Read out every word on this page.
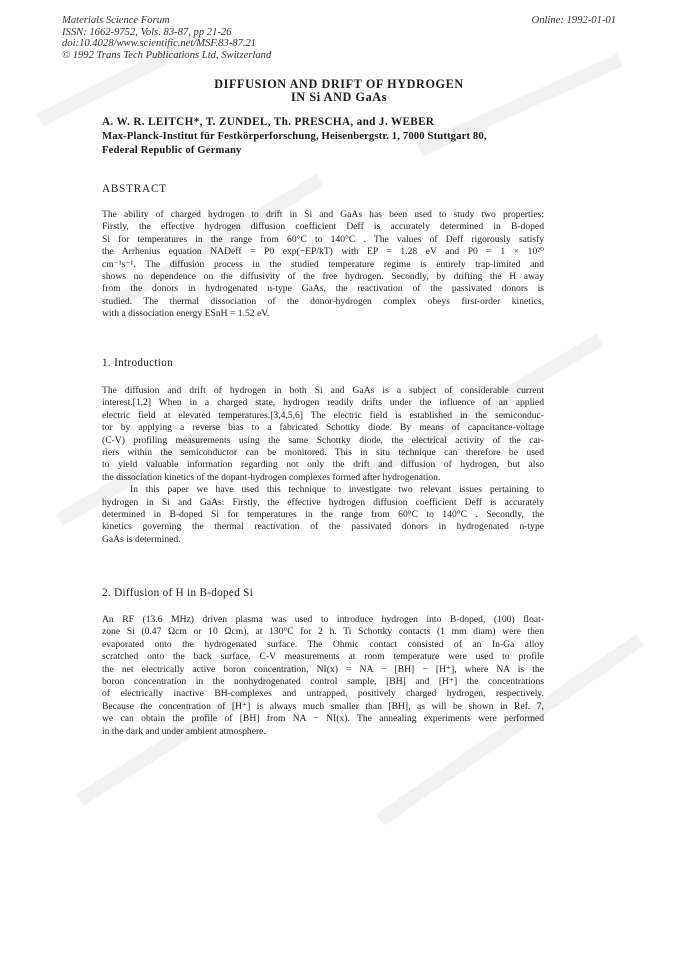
Materials Science Forum
ISSN: 1662-9752, Vols. 83-87, pp 21-26
doi:10.4028/www.scientific.net/MSF.83-87.21
© 1992 Trans Tech Publications Ltd, Switzerland
Online: 1992-01-01
DIFFUSION AND DRIFT OF HYDROGEN
IN Si AND GaAs
A. W. R. LEITCH*, T. ZUNDEL, Th. PRESCHA, and J. WEBER
Max-Planck-Institut für Festkörperforschung, Heisenbergstr. 1, 7000 Stuttgart 80,
Federal Republic of Germany
ABSTRACT
The ability of charged hydrogen to drift in Si and GaAs has been used to study two properties:
Firstly, the effective hydrogen diffusion coefficient Deff is accurately determined in B-doped
Si for temperatures in the range from 60°C to 140°C . The values of Deff rigorously satisfy
the Arrhenius equation NADeff = P0 exp(−EP/kT) with EP = 1.28 eV and P0 = 1 × 10²⁰
cm⁻¹s⁻¹. The diffusion process in the studied temperature regime is entirely trap-limited and
shows no dependence on the diffusivity of the free hydrogen. Secondly, by drifting the H away
from the donors in hydrogenated n-type GaAs, the reactivation of the passivated donors is
studied. The thermal dissociation of the donor-hydrogen complex obeys first-order kinetics,
with a dissociation energy ESnH = 1.52 eV.
1. Introduction
The diffusion and drift of hydrogen in both Si and GaAs is a subject of considerable current
interest.[1,2] When in a charged state, hydrogen readily drifts under the influence of an applied
electric field at elevated temperatures.[3,4,5,6] The electric field is established in the semiconduc-
tor by applying a reverse bias to a fabricated Schottky diode. By means of capacitance-voltage
(C-V) profiling measurements using the same Schottky diode, the electrical activity of the car-
riers within the semiconductor can be monitored. This in situ technique can therefore be used
to yield valuable information regarding not only the drift and diffusion of hydrogen, but also
the dissociation kinetics of the dopant-hydrogen complexes formed after hydrogenation.
In this paper we have used this technique to investigate two relevant issues pertaining to
hydrogen in Si and GaAs: Firstly, the effective hydrogen diffusion coefficient Deff is accurately
determined in B-doped Si for temperatures in the range from 60°C to 140°C . Secondly, the
kinetics governing the thermal reactivation of the passivated donors in hydrogenated n-type
GaAs is determined.
2. Diffusion of H in B-doped Si
An RF (13.6 MHz) driven plasma was used to introduce hydrogen into B-doped, (100) float-
zone Si (0.47 Ωcm or 10 Ωcm), at 130°C for 2 h. Ti Schottky contacts (1 mm diam) were then
evaporated onto the hydrogenated surface. The Ohmic contact consisted of an In-Ga alloy
scratched onto the back surface. C-V measurements at room temperature were used to profile
the net electrically active boron concentration, NI(x) = NA − [BH] − [H⁺], where NA is the
boron concentration in the nonhydrogenated control sample, [BH] and [H⁺] the concentrations
of electrically inactive BH-complexes and untrapped, positively charged hydrogen, respectively.
Because the concentration of [H⁺] is always much smaller than [BH], as will be shown in Ref. 7,
we can obtain the profile of [BH] from NA − NI(x). The annealing experiments were performed
in the dark and under ambient atmosphere.
